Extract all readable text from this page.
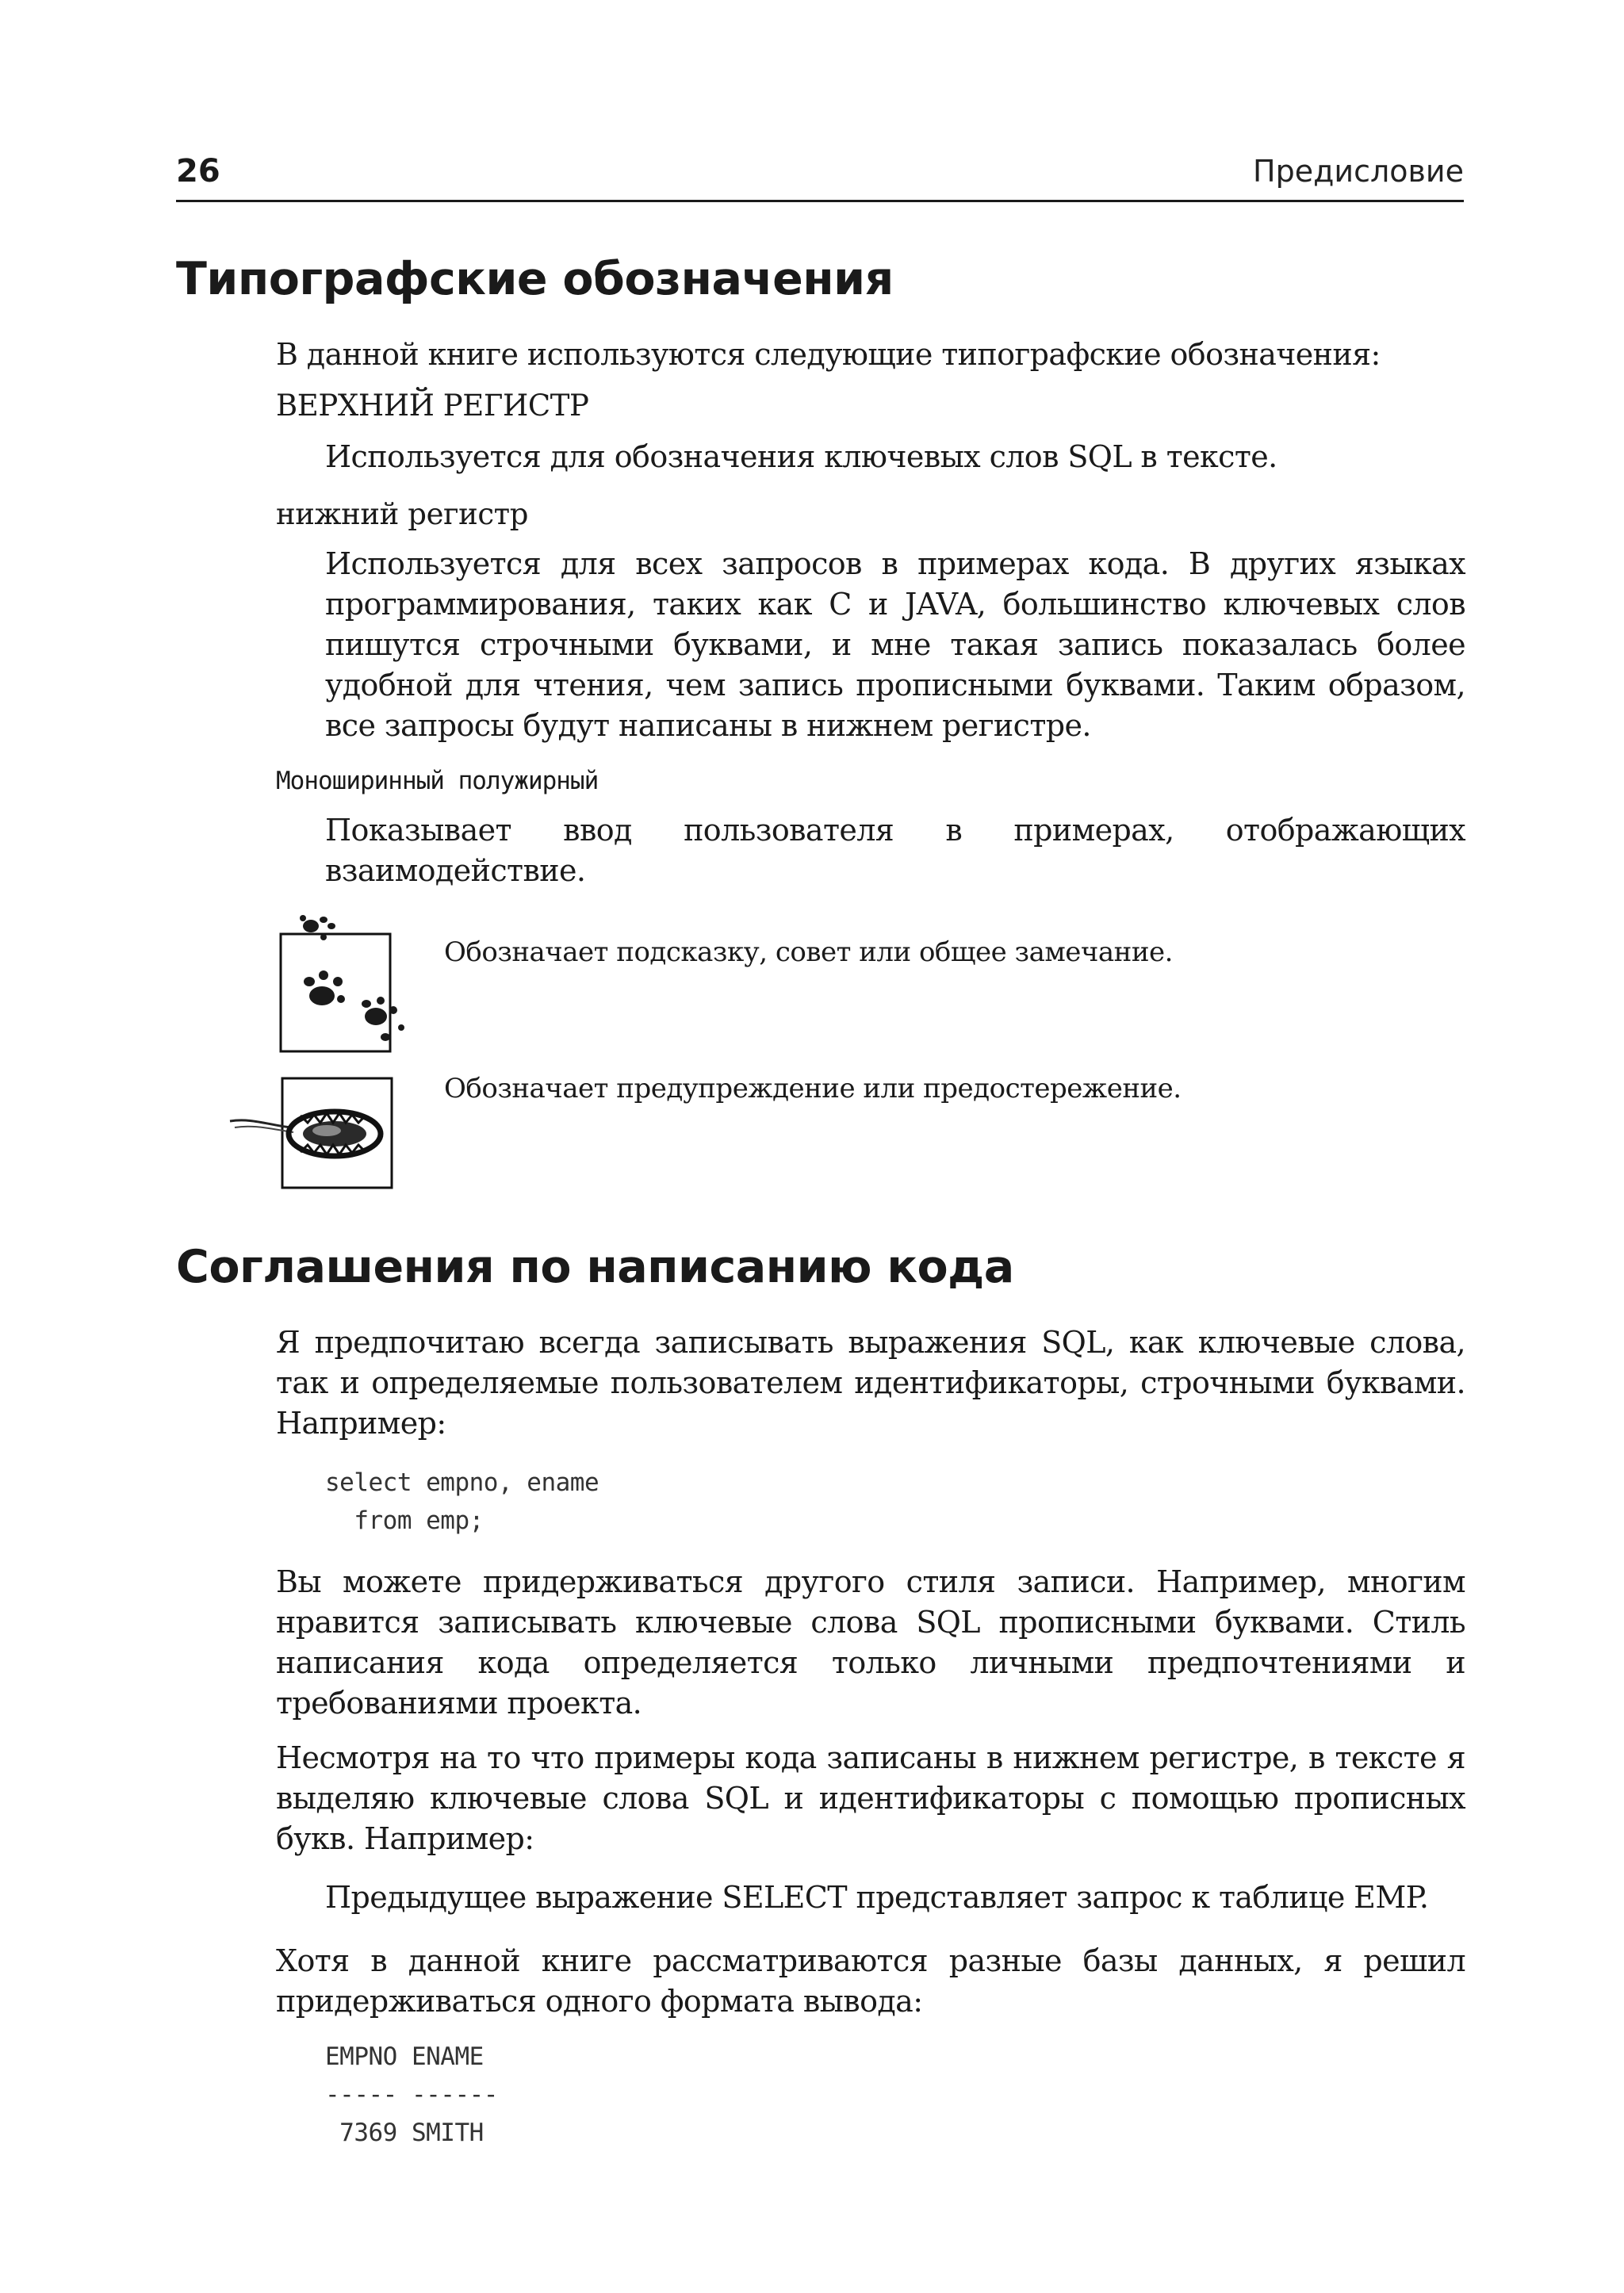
26	Предисловие
Типографские обозначения
В данной книге используются следующие типографские обозначения:
ВЕРХНИЙ РЕГИСТР
Используется для обозначения ключевых слов SQL в тексте.
нижний регистр
Используется для всех запросов в примерах кода. В других языках программирования, таких как C и JAVA, большинство ключевых слов пишутся строчными буквами, и мне такая запись показалась более удобной для чтения, чем запись прописными буквами. Таким образом, все запросы будут написаны в нижнем регистре.
Моноширинный полужирный
Показывает ввод пользователя в примерах, отображающих взаимодействие.
Обозначает подсказку, совет или общее замечание.
Обозначает предупреждение или предостережение.
Соглашения по написанию кода
Я предпочитаю всегда записывать выражения SQL, как ключевые слова, так и определяемые пользователем идентификаторы, строчными буквами. Например:
select empno, ename
from emp;
Вы можете придерживаться другого стиля записи. Например, многим нравится записывать ключевые слова SQL прописными буквами. Стиль написания кода определяется только личными предпочтениями и требованиями проекта.
Несмотря на то что примеры кода записаны в нижнем регистре, в тексте я выделяю ключевые слова SQL и идентификаторы с помощью прописных букв. Например:
Предыдущее выражение SELECT представляет запрос к таблице EMP.
Хотя в данной книге рассматриваются разные базы данных, я решил придерживаться одного формата вывода:
EMPNO ENAME
----- ------
7369 SMITH
